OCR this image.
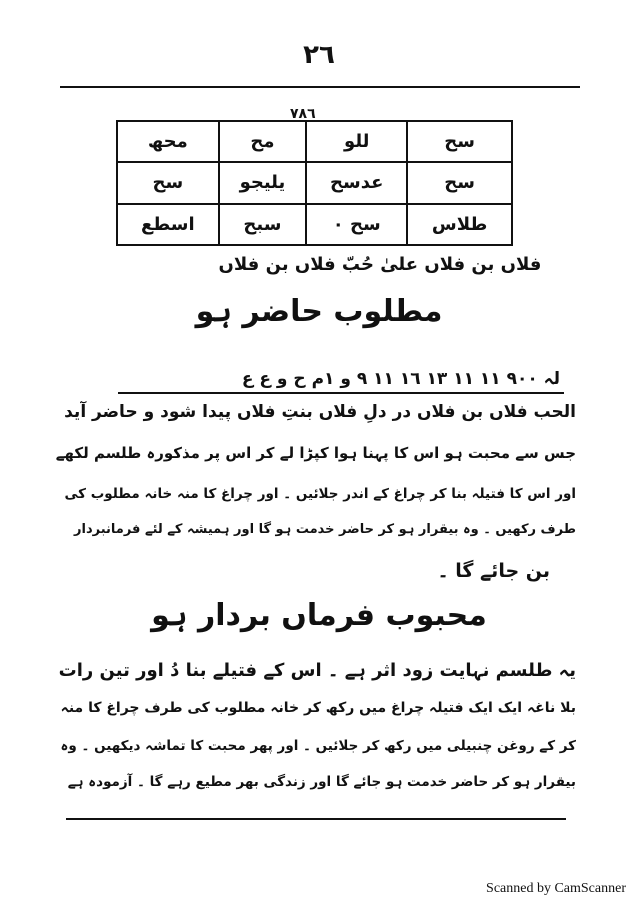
٢٦
٧٨٦
سح	للو	مح	محھ
سح	عدسح	یلیجو	سح
طلاس	سح ٠	سبح	اسطع
فلاں بن فلاں علیٰ حُبّ فلاں بن فلاں
مطلوب حاضر ہو
لہ ٩٠٠ ١١ ١١ ١٣ ١٦ ١١ ٩ و ١م ح و ع ع
الحب فلاں بن فلاں در دلِ فلاں بنتِ فلاں پیدا شود و حاضر آید
جس سے محبت ہو اس کا پہنا ہوا کپڑا لے کر اس پر مذکورہ طلسم لکھے
اور اس کا فتیلہ بنا کر چراغ کے اندر جلائیں ۔ اور چراغ کا منہ خانہ مطلوب کی
طرف رکھیں ۔ وہ بیقرار ہو کر حاضر خدمت ہو گا اور ہمیشہ کے لئے فرمانبردار
بن جائے گا ۔
محبوب فرماں بردار ہو
یہ طلسم نہایت زود اثر ہے ۔ اس کے فتیلے بنا دُ اور تین رات
بلا ناغہ ایک ایک فتیلہ چراغ میں رکھ کر خانہ مطلوب کی طرف چراغ کا منہ
کر کے روغن چنبیلی میں رکھ کر جلائیں ۔ اور پھر محبت کا تماشہ دیکھیں ۔ وہ
بیقرار ہو کر حاضر خدمت ہو جائے گا اور زندگی بھر مطیع رہے گا ۔ آزمودہ ہے
Scanned by CamScanner
